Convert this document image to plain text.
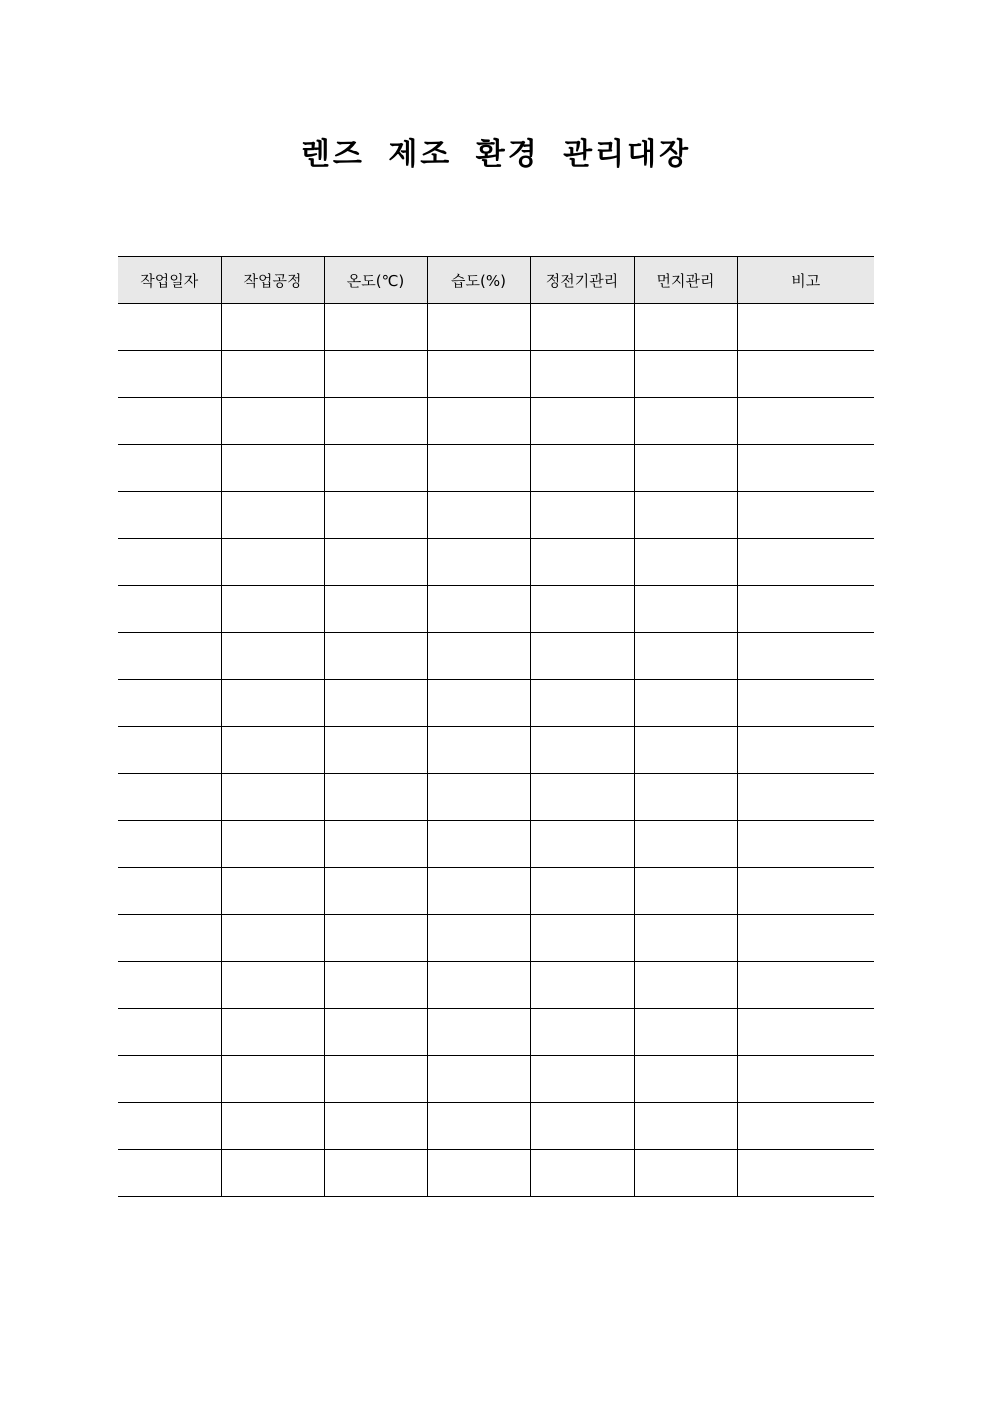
렌즈 제조 환경 관리대장
작업일자	작업공정	온도(℃)	습도(%)	정전기관리	먼지관리	비고
